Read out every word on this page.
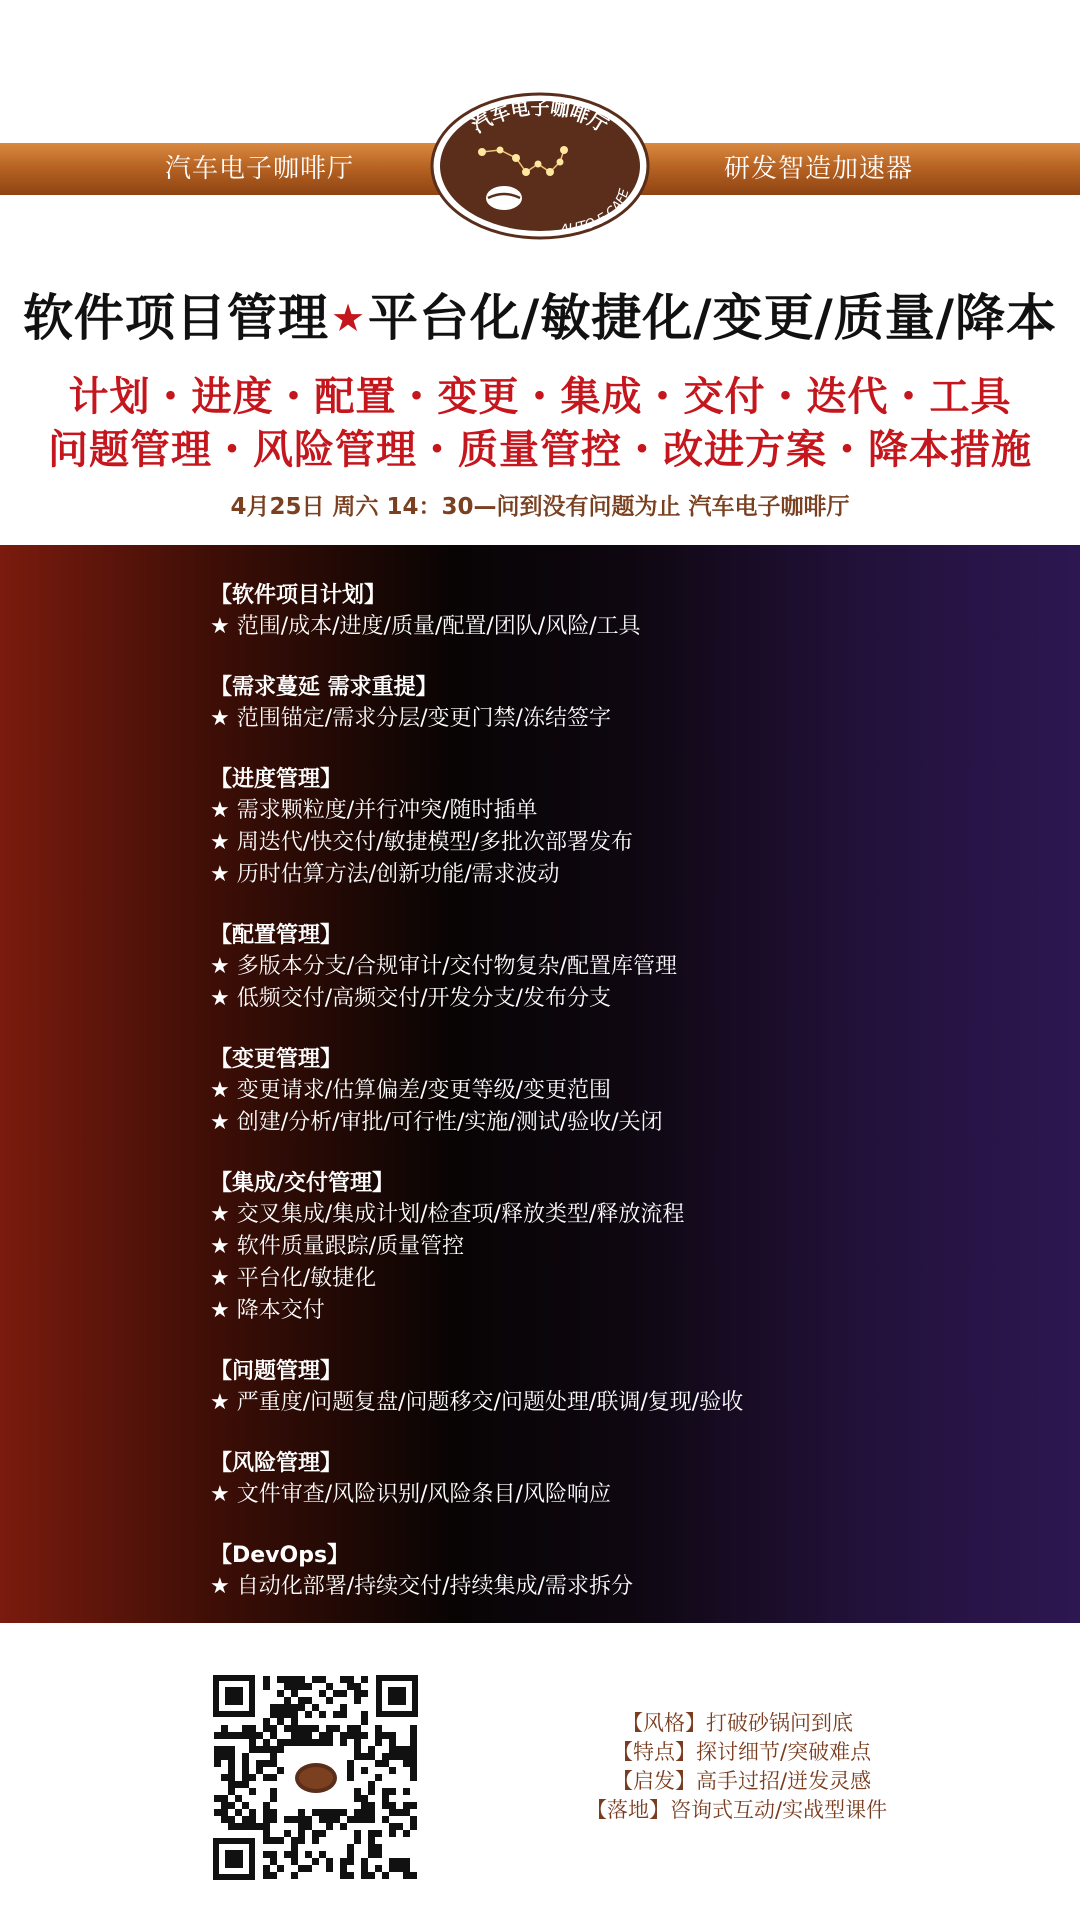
汽车电子咖啡厅	研发智造加速器
汽车电子咖啡厅
AUTO E CAFE
软件项目管理★平台化/敏捷化/变更/质量/降本
计划・进度・配置・变更・集成・交付・迭代・工具
问题管理・风险管理・质量管控・改进方案・降本措施
4月25日 周六 14：30—问到没有问题为止 汽车电子咖啡厅
【软件项目计划】
★ 范围/成本/进度/质量/配置/团队/风险/工具
【需求蔓延 需求重提】
★ 范围锚定/需求分层/变更门禁/冻结签字
【进度管理】
★ 需求颗粒度/并行冲突/随时插单
★ 周迭代/快交付/敏捷模型/多批次部署发布
★ 历时估算方法/创新功能/需求波动
【配置管理】
★ 多版本分支/合规审计/交付物复杂/配置库管理
★ 低频交付/高频交付/开发分支/发布分支
【变更管理】
★ 变更请求/估算偏差/变更等级/变更范围
★ 创建/分析/审批/可行性/实施/测试/验收/关闭
【集成/交付管理】
★ 交叉集成/集成计划/检查项/释放类型/释放流程
★ 软件质量跟踪/质量管控
★ 平台化/敏捷化
★ 降本交付
【问题管理】
★ 严重度/问题复盘/问题移交/问题处理/联调/复现/验收
【风险管理】
★ 文件审查/风险识别/风险条目/风险响应
【DevOps】
★ 自动化部署/持续交付/持续集成/需求拆分
【风格】打破砂锅问到底
【特点】探讨细节/突破难点
【启发】高手过招/迸发灵感
【落地】咨询式互动/实战型课件
